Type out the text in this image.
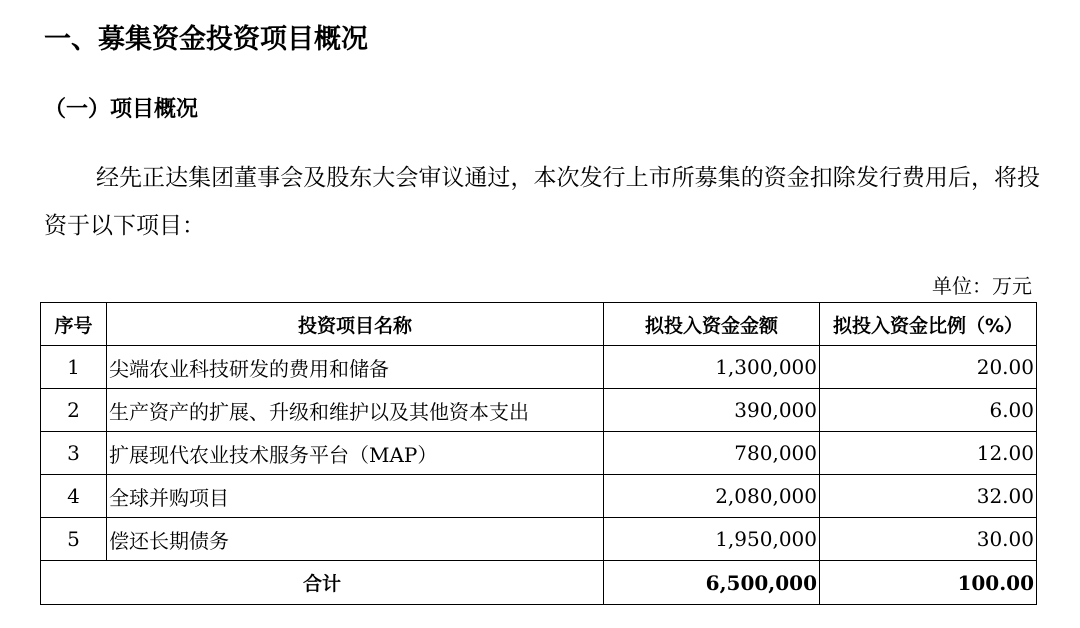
一、募集资金投资项目概况
（一）项目概况
经先正达集团董事会及股东大会审议通过，本次发行上市所募集的资金扣除发行费用后，将投资于以下项目：
单位：万元
序号	投资项目名称	拟投入资金金额	拟投入资金比例（%）
1	尖端农业科技研发的费用和储备	1,300,000	20.00
2	生产资产的扩展、升级和维护以及其他资本支出	390,000	6.00
3	扩展现代农业技术服务平台（MAP）	780,000	12.00
4	全球并购项目	2,080,000	32.00
5	偿还长期债务	1,950,000	30.00
合计		6,500,000	100.00
